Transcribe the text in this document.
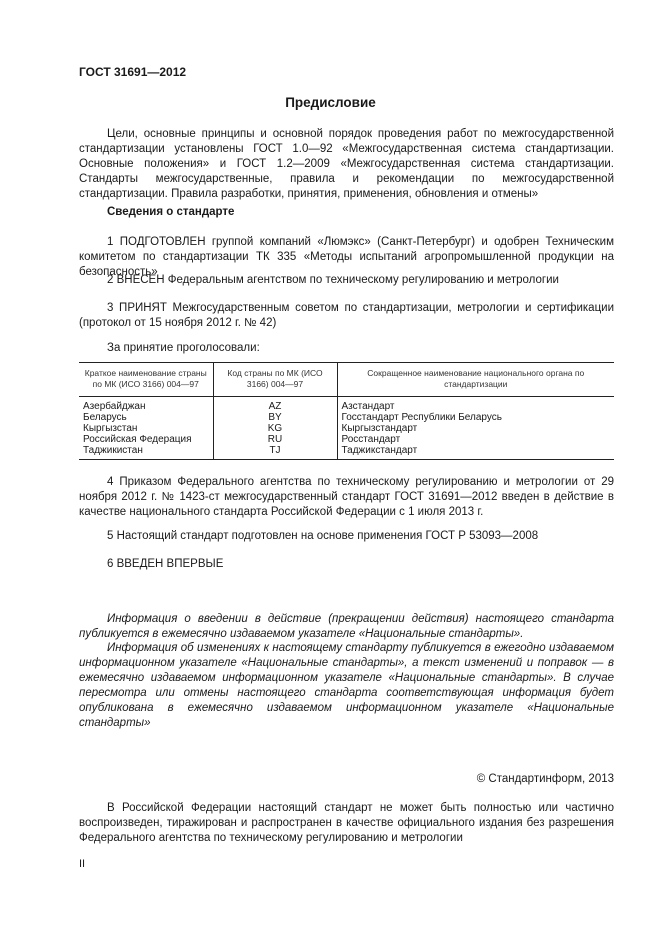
ГОСТ 31691—2012
Предисловие
Цели, основные принципы и основной порядок проведения работ по межгосударственной стандартизации установлены ГОСТ 1.0—92 «Межгосударственная система стандартизации. Основные положения» и ГОСТ 1.2—2009 «Межгосударственная система стандартизации. Стандарты межгосударственные, правила и рекомендации по межгосударственной стандартизации. Правила разработки, принятия, применения, обновления и отмены»
Сведения о стандарте
1 ПОДГОТОВЛЕН группой компаний «Люмэкс» (Санкт-Петербург) и одобрен Техническим комитетом по стандартизации ТК 335 «Методы испытаний агропромышленной продукции на безопасность»
2 ВНЕСЕН Федеральным агентством по техническому регулированию и метрологии
3 ПРИНЯТ Межгосударственным советом по стандартизации, метрологии и сертификации (протокол от 15 ноября 2012 г. № 42)
За принятие проголосовали:
Краткое наименование страны по МК (ИСО 3166) 004—97	Код страны по МК (ИСО 3166) 004—97	Сокращенное наименование национального органа по стандартизации
Азербайджан	AZ	Азстандарт
Беларусь	BY	Госстандарт Республики Беларусь
Кыргызстан	KG	Кыргызстандарт
Российская Федерация	RU	Росстандарт
Таджикистан	TJ	Таджикстандарт
4 Приказом Федерального агентства по техническому регулированию и метрологии от 29 ноября 2012 г. № 1423-ст межгосударственный стандарт ГОСТ 31691—2012 введен в действие в качестве национального стандарта Российской Федерации с 1 июля 2013 г.
5 Настоящий стандарт подготовлен на основе применения ГОСТ Р 53093—2008
6 ВВЕДЕН ВПЕРВЫЕ
Информация о введении в действие (прекращении действия) настоящего стандарта публикуется в ежемесячно издаваемом указателе «Национальные стандарты».
Информация об изменениях к настоящему стандарту публикуется в ежегодно издаваемом информационном указателе «Национальные стандарты», а текст изменений и поправок — в ежемесячно издаваемом информационном указателе «Национальные стандарты». В случае пересмотра или отмены настоящего стандарта соответствующая информация будет опубликована в ежемесячно издаваемом информационном указателе «Национальные стандарты»
© Стандартинформ, 2013
В Российской Федерации настоящий стандарт не может быть полностью или частично воспроизведен, тиражирован и распространен в качестве официального издания без разрешения Федерального агентства по техническому регулированию и метрологии
II
